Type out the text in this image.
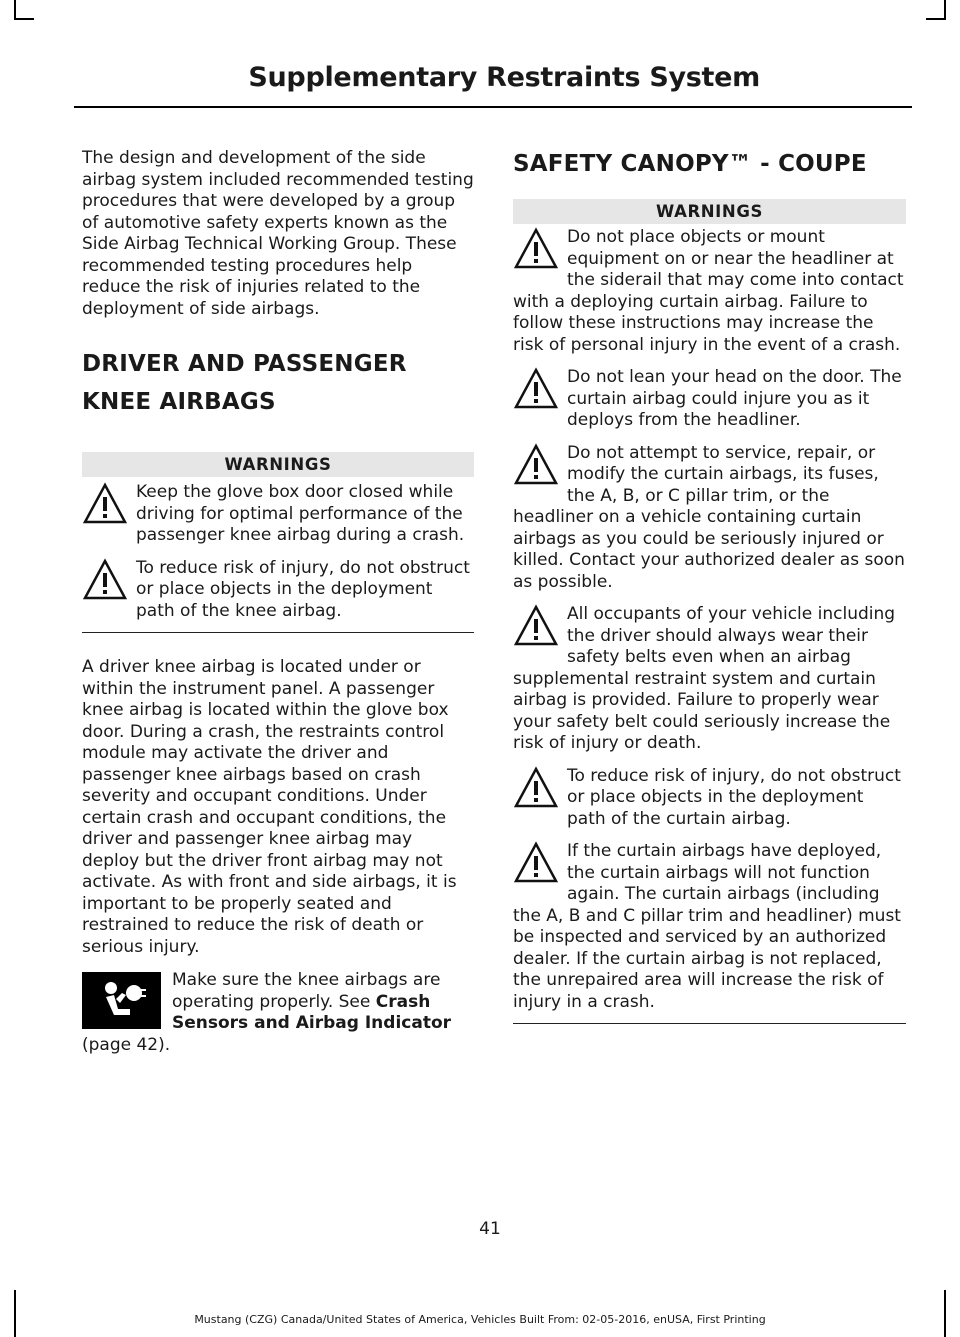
Supplementary Restraints System

The design and development of the side airbag system included recommended testing procedures that were developed by a group of automotive safety experts known as the Side Airbag Technical Working Group. These recommended testing procedures help reduce the risk of injuries related to the deployment of side airbags.

DRIVER AND PASSENGER
KNEE AIRBAGS
WARNINGS
Keep the glove box door closed while driving for optimal performance of the passenger knee airbag during a crash.
To reduce risk of injury, do not obstruct or place objects in the deployment path of the knee airbag.

A driver knee airbag is located under or within the instrument panel. A passenger knee airbag is located within the glove box door. During a crash, the restraints control module may activate the driver and passenger knee airbags based on crash severity and occupant conditions. Under certain crash and occupant conditions, the driver and passenger knee airbag may deploy but the driver front airbag may not activate. As with front and side airbags, it is important to be properly seated and restrained to reduce the risk of death or serious injury.

Make sure the knee airbags are operating properly. See Crash Sensors and Airbag Indicator (page 42).
SAFETY CANOPY™ - COUPE
WARNINGS
Do not place objects or mount equipment on or near the headliner at the siderail that may come into contact with a deploying curtain airbag. Failure to follow these instructions may increase the risk of personal injury in the event of a crash.
Do not lean your head on the door. The curtain airbag could injure you as it deploys from the headliner.
Do not attempt to service, repair, or modify the curtain airbags, its fuses, the A, B, or C pillar trim, or the headliner on a vehicle containing curtain airbags as you could be seriously injured or killed. Contact your authorized dealer as soon as possible.
All occupants of your vehicle including the driver should always wear their safety belts even when an airbag supplemental restraint system and curtain airbag is provided. Failure to properly wear your safety belt could seriously increase the risk of injury or death.
To reduce risk of injury, do not obstruct or place objects in the deployment path of the curtain airbag.
If the curtain airbags have deployed, the curtain airbags will not function again. The curtain airbags (including the A, B and C pillar trim and headliner) must be inspected and serviced by an authorized dealer. If the curtain airbag is not replaced, the unrepaired area will increase the risk of injury in a crash.
41
Mustang (CZG) Canada/United States of America, Vehicles Built From: 02-05-2016, enUSA, First Printing
